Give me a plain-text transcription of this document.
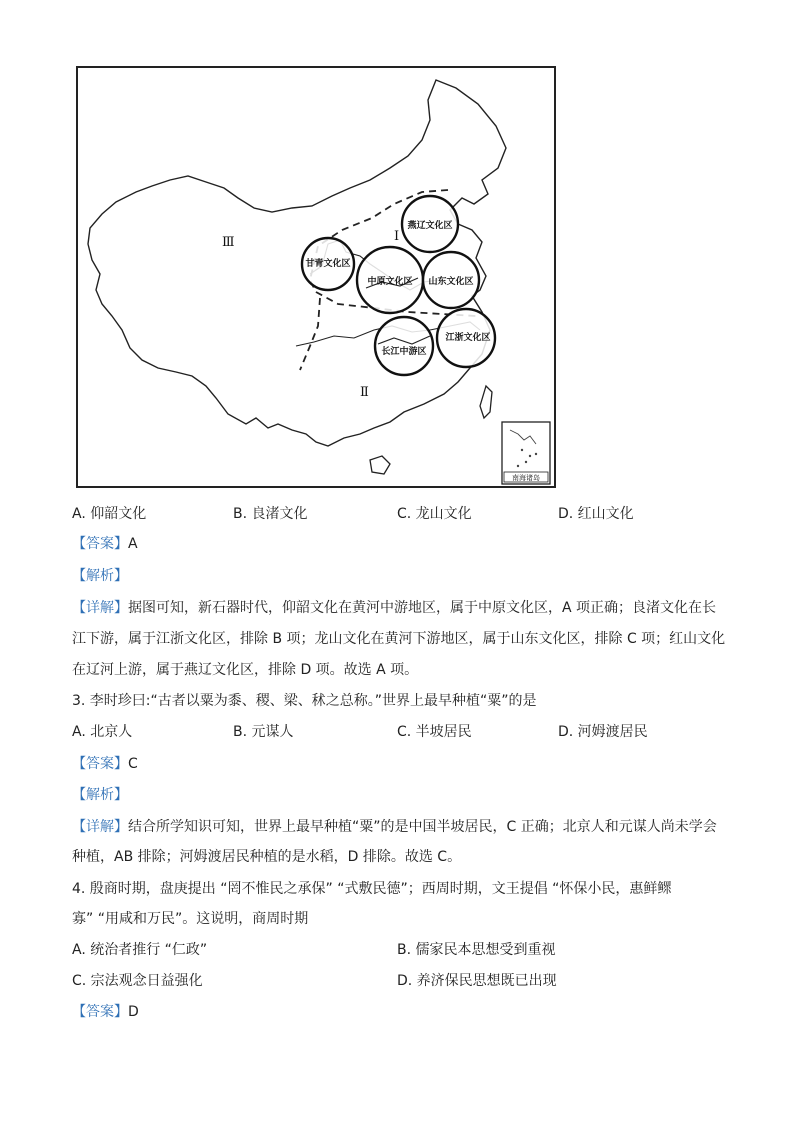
燕辽文化区
甘青文化区
中原文化区 山东文化区
长江中游区
江浙文化区
Ⅰ
Ⅱ
Ⅲ
南海诸岛
A. 仰韶文化	B. 良渚文化	C. 龙山文化	D. 红山文化
【答案】A
【解析】
【详解】据图可知，新石器时代，仰韶文化在黄河中游地区，属于中原文化区，A 项正确；良渚文化在长
江下游，属于江浙文化区，排除 B 项；龙山文化在黄河下游地区，属于山东文化区，排除 C 项；红山文化
在辽河上游，属于燕辽文化区，排除 D 项。故选 A 项。
3. 李时珍曰:“古者以粟为黍、稷、梁、秫之总称。”世界上最早种植“粟”的是
A. 北京人	B. 元谋人	C. 半坡居民	D. 河姆渡居民
【答案】C
【解析】
【详解】结合所学知识可知，世界上最早种植“粟”的是中国半坡居民，C 正确；北京人和元谋人尚未学会
种植，AB 排除；河姆渡居民种植的是水稻，D 排除。故选 C。
4. 殷商时期，盘庚提出 “罔不惟民之承保” “式敷民德”；西周时期，文王提倡 “怀保小民，惠鲜鳏
寡” “用咸和万民”。这说明，商周时期
A. 统治者推行 “仁政”	B. 儒家民本思想受到重视
C. 宗法观念日益强化	D. 养济保民思想既已出现
【答案】D
